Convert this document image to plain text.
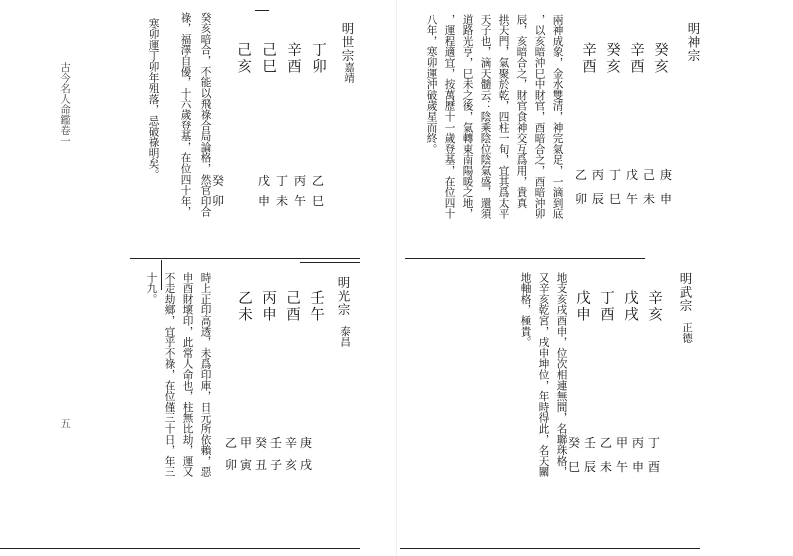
古今名人命鑑卷一
五
寒卯運丁卯年殂落，忌破祿明矣。	明世宗
嘉靖
丁卯
辛酉
己巳
己亥
戊丁丙乙
申未午巳
癸
卯
癸亥暗合，不能以飛祿合局論格，然官印合
祿，福澤自優，十六歲登基，在位四十年，
明光宗
泰昌
壬午
己酉
丙申
乙未
庚辛壬癸甲乙
戌亥子丑寅卯
時上正印高透，未爲印庫，日元所依賴，惡
申酉財壞印，此常人命也，柱無比劫，運又
不走劫鄉，宜乎不祿，在位僅三十日，年三
十九。
明神宗
癸亥
辛酉
癸亥
辛酉
庚己戊丁丙乙
申未午巳辰卯
兩神成象，金水雙清，神完氣足，一滴到底
，以亥暗沖巳中財官，酉暗合之，酉暗沖卯
辰，亥暗合之，財官食神交互爲用，貴真
拱天門，氣聚於乾，四柱一旬，宜其爲太平
天子也，滴天髓云：陰乘陰位陰氣盛，還須
道路光亨，巳未之後，氣轉東南陽暖之地，
，運程適宜，按萬歷十一歲登基，在位四十
八年，寒卯運沖破歲星而終。
明武宗
正德
辛亥
戊戌
丁酉
戊申
丁丙甲乙壬癸
酉申午未辰巳
地支亥戌酉申，位次相連無間，名聯珠格，
又辛亥乾宮，戌申坤位，年時得此，名天關
地軸格，極貴。
